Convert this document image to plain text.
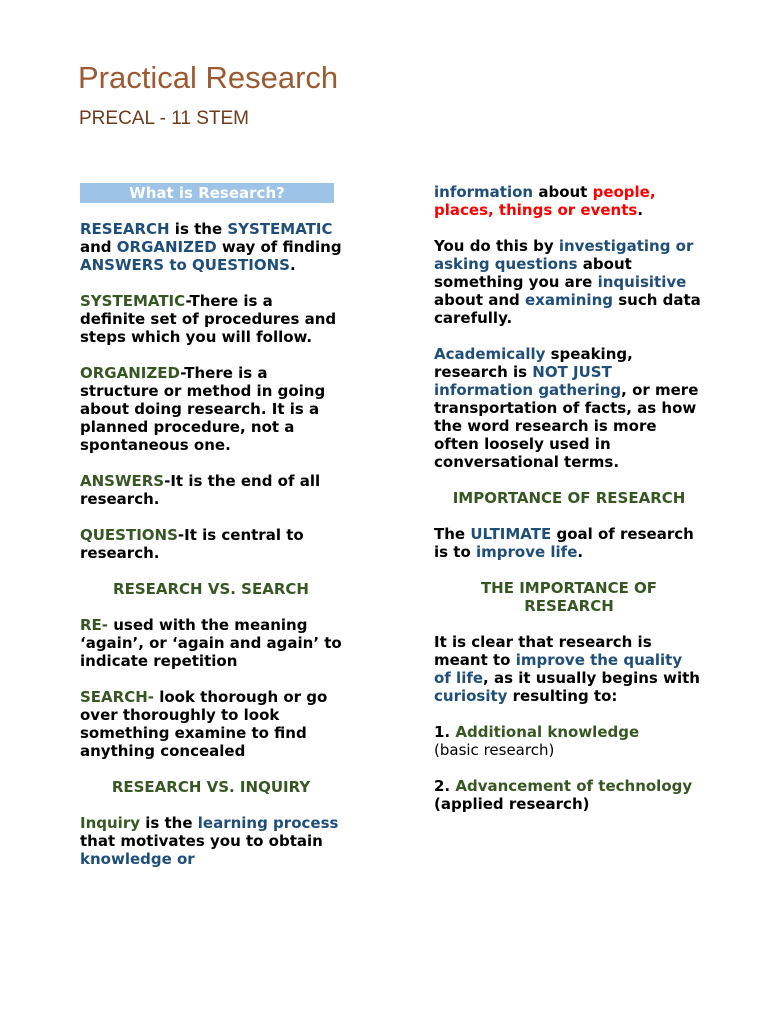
Practical Research
PRECAL - 11 STEM
What is Research?

RESEARCH is the SYSTEMATIC and ORGANIZED way of finding ANSWERS to QUESTIONS.

SYSTEMATIC-There is a definite set of procedures and steps which you will follow.

ORGANIZED-There is a structure or method in going about doing research. It is a planned procedure, not a spontaneous one.

ANSWERS-It is the end of all research.

QUESTIONS-It is central to research.

RESEARCH VS. SEARCH

RE- used with the meaning ‘again’, or ‘again and again’ to indicate repetition

SEARCH- look thorough or go over thoroughly to look something examine to find anything concealed

RESEARCH VS. INQUIRY

Inquiry is the learning process that motivates you to obtain knowledge or

information about people, places, things or events.

You do this by investigating or asking questions about something you are inquisitive about and examining such data carefully.

Academically speaking, research is NOT JUST information gathering, or mere transportation of facts, as how the word research is more often loosely used in conversational terms.

IMPORTANCE OF RESEARCH

The ULTIMATE goal of research is to improve life.

THE IMPORTANCE OF RESEARCH

It is clear that research is meant to improve the quality of life, as it usually begins with curiosity resulting to:

1. Additional knowledge
(basic research)

2. Advancement of technology (applied research)
